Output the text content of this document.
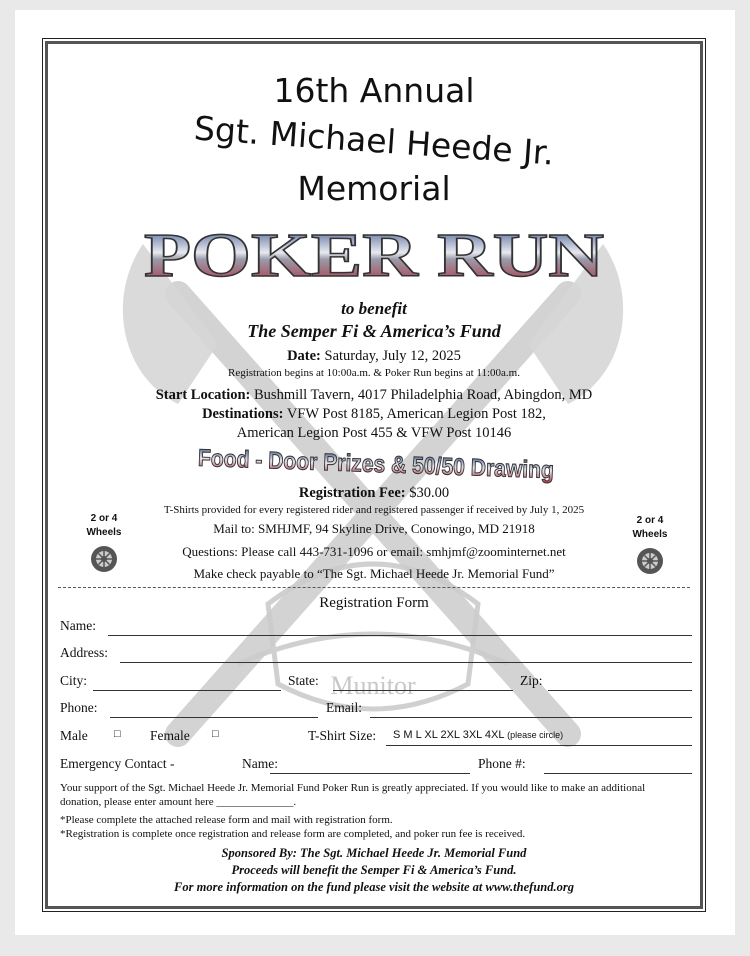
Munitor
16th Annual
Sgt. Michael Heede Jr.
Memorial
POKER RUN
to benefit
The Semper Fi & America’s Fund
Date: Saturday, July 12, 2025
Registration begins at 10:00a.m. & Poker Run begins at 11:00a.m.
Start Location: Bushmill Tavern, 4017 Philadelphia Road, Abingdon, MD
Destinations: VFW Post 8185, American Legion Post 182,
American Legion Post 455 & VFW Post 10146
Food - Door Prizes & 50/50 Drawing
Registration Fee: $30.00
T-Shirts provided for every registered rider and registered passenger if received by July 1, 2025
Mail to: SMHJMF, 94 Skyline Drive, Conowingo, MD 21918
Questions: Please call 443-731-1096 or email: smhjmf@zoominternet.net
Make check payable to “The Sgt. Michael Heede Jr. Memorial Fund”
2 or 4
Wheels
2 or 4
Wheels
Registration Form
Name:
Address:
City:	State:	Zip:
Phone:	Email:
Male □ Female □	T-Shirt Size: S M L XL 2XL 3XL 4XL (please circle)
Emergency Contact -	Name:	Phone #:
Your support of the Sgt. Michael Heede Jr. Memorial Fund Poker Run is greatly appreciated. If you would like to make an additional
donation, please enter amount here ______________.
*Please complete the attached release form and mail with registration form.
*Registration is complete once registration and release form are completed, and poker run fee is received.
Sponsored By: The Sgt. Michael Heede Jr. Memorial Fund
Proceeds will benefit the Semper Fi & America’s Fund.
For more information on the fund please visit the website at www.thefund.org
